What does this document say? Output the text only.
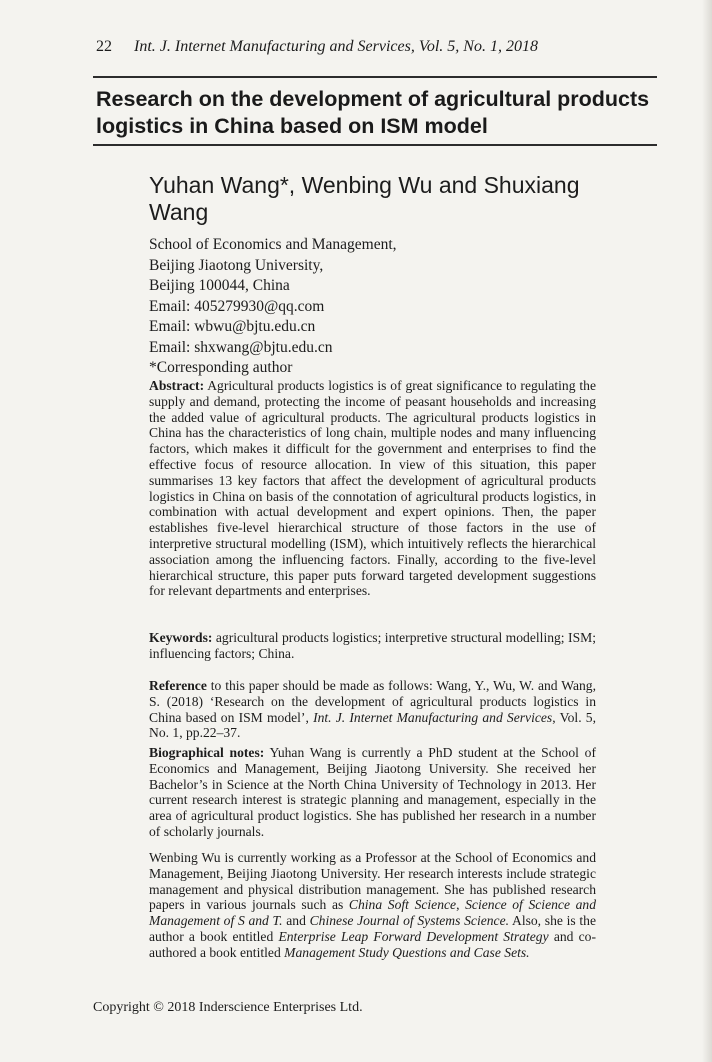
22 Int. J. Internet Manufacturing and Services, Vol. 5, No. 1, 2018
Research on the development of agricultural products logistics in China based on ISM model
Yuhan Wang*, Wenbing Wu and Shuxiang Wang
School of Economics and Management,
Beijing Jiaotong University,
Beijing 100044, China
Email: 405279930@qq.com
Email: wbwu@bjtu.edu.cn
Email: shxwang@bjtu.edu.cn
*Corresponding author
Abstract: Agricultural products logistics is of great significance to regulating the supply and demand, protecting the income of peasant households and increasing the added value of agricultural products. The agricultural products logistics in China has the characteristics of long chain, multiple nodes and many influencing factors, which makes it difficult for the government and enterprises to find the effective focus of resource allocation. In view of this situation, this paper summarises 13 key factors that affect the development of agricultural products logistics in China on basis of the connotation of agricultural products logistics, in combination with actual development and expert opinions. Then, the paper establishes five-level hierarchical structure of those factors in the use of interpretive structural modelling (ISM), which intuitively reflects the hierarchical association among the influencing factors. Finally, according to the five-level hierarchical structure, this paper puts forward targeted development suggestions for relevant departments and enterprises.
Keywords: agricultural products logistics; interpretive structural modelling; ISM; influencing factors; China.
Reference to this paper should be made as follows: Wang, Y., Wu, W. and Wang, S. (2018) ‘Research on the development of agricultural products logistics in China based on ISM model’, Int. J. Internet Manufacturing and Services, Vol. 5, No. 1, pp.22–37.
Biographical notes: Yuhan Wang is currently a PhD student at the School of Economics and Management, Beijing Jiaotong University. She received her Bachelor’s in Science at the North China University of Technology in 2013. Her current research interest is strategic planning and management, especially in the area of agricultural product logistics. She has published her research in a number of scholarly journals.
Wenbing Wu is currently working as a Professor at the School of Economics and Management, Beijing Jiaotong University. Her research interests include strategic management and physical distribution management. She has published research papers in various journals such as China Soft Science, Science of Science and Management of S and T. and Chinese Journal of Systems Science. Also, she is the author a book entitled Enterprise Leap Forward Development Strategy and co-authored a book entitled Management Study Questions and Case Sets.
Copyright © 2018 Inderscience Enterprises Ltd.
